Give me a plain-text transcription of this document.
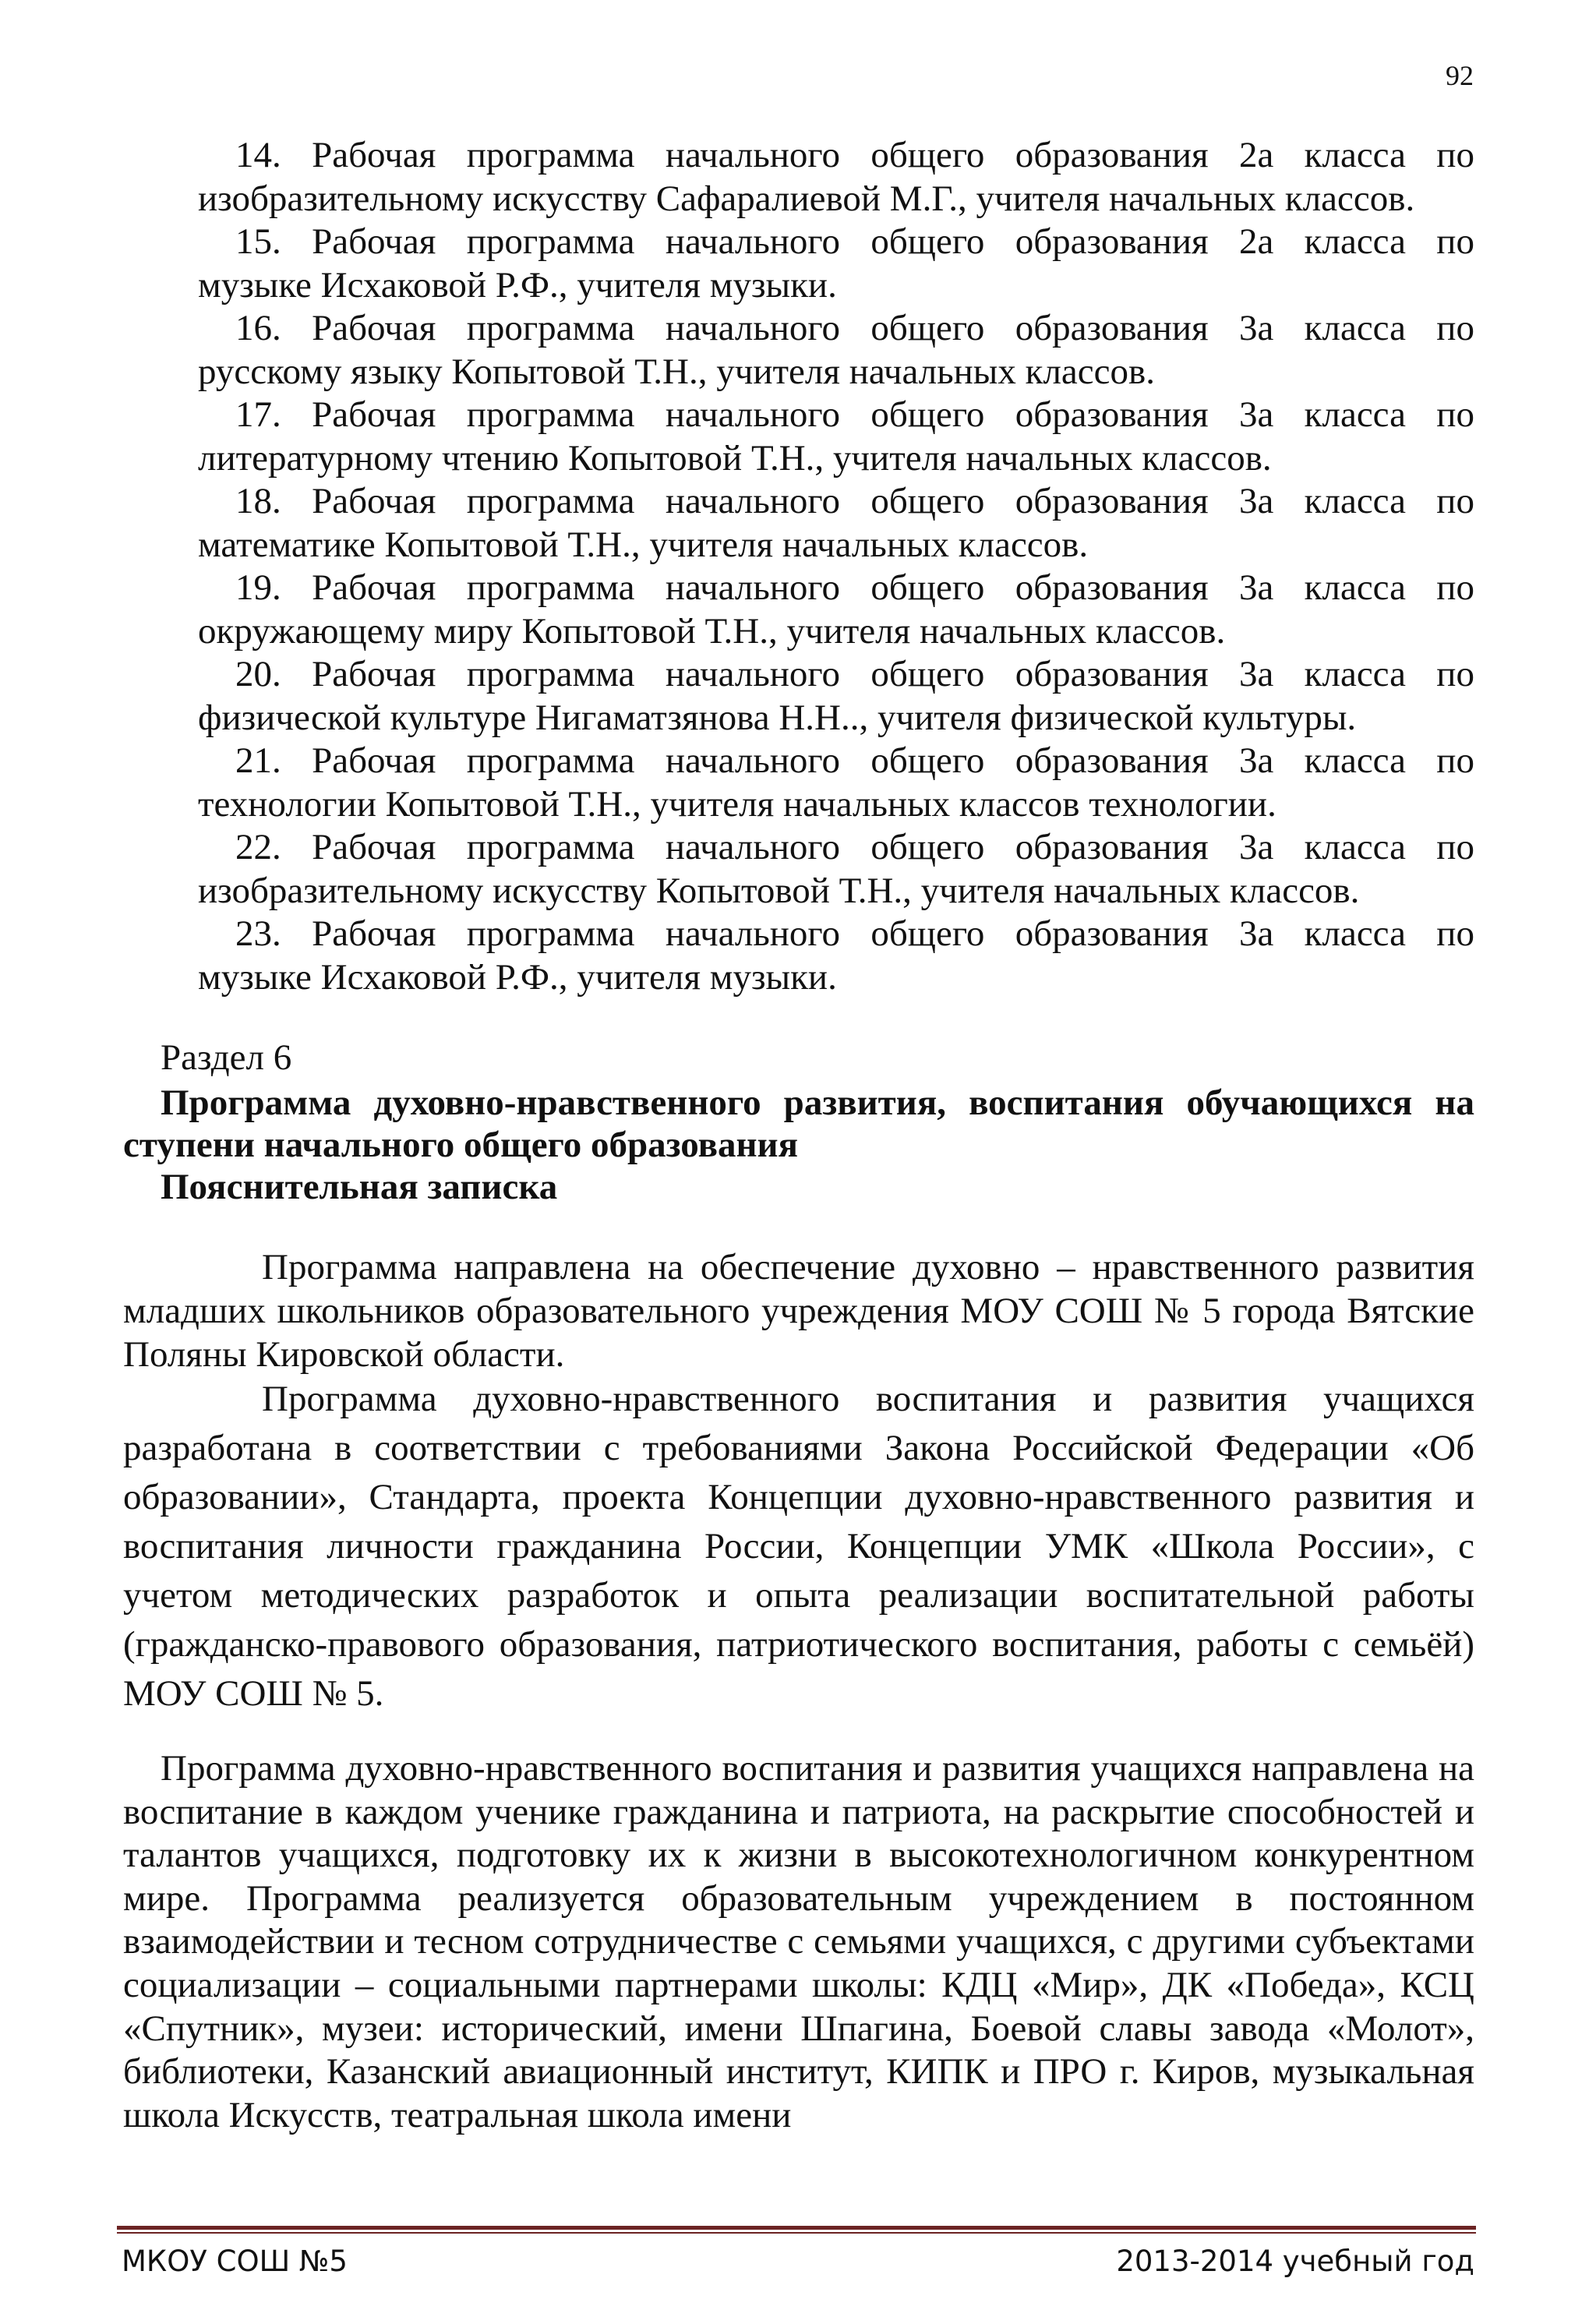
92
14. Рабочая программа начального общего образования 2а класса по
изобразительному искусству Сафаралиевой М.Г., учителя начальных классов.
15. Рабочая программа начального общего образования 2а класса по
музыке Исхаковой Р.Ф., учителя музыки.
16. Рабочая программа начального общего образования 3а класса по
русскому языку Копытовой Т.Н., учителя начальных классов.
17. Рабочая программа начального общего образования 3а класса по
литературному чтению Копытовой Т.Н., учителя начальных классов.
18. Рабочая программа начального общего образования 3а класса по
математике Копытовой Т.Н., учителя начальных классов.
19. Рабочая программа начального общего образования 3а класса по
окружающему миру Копытовой Т.Н., учителя начальных классов.
20. Рабочая программа начального общего образования 3а класса по
физической культуре Нигаматзянова Н.Н.., учителя физической культуры.
21. Рабочая программа начального общего образования 3а класса по
технологии Копытовой Т.Н., учителя начальных классов технологии.
22. Рабочая программа начального общего образования 3а класса по
изобразительному искусству Копытовой Т.Н., учителя начальных классов.
23. Рабочая программа начального общего образования 3а класса по
музыке Исхаковой Р.Ф., учителя музыки.
Раздел 6
Программа духовно-нравственного развития, воспитания обучающихся на ступени начального общего образования
Пояснительная записка
Программа направлена на обеспечение духовно – нравственного развития младших школьников образовательного учреждения МОУ СОШ № 5 города Вятские Поляны Кировской области.
Программа духовно-нравственного воспитания и развития учащихся разработана в соответствии с требованиями Закона Российской Федерации «Об образовании», Стандарта, проекта Концепции духовно-нравственного развития и воспитания личности гражданина России, Концепции УМК «Школа России», с учетом методических разработок и опыта реализации воспитательной работы (гражданско-правового образования, патриотического воспитания, работы с семьёй) МОУ СОШ № 5.
Программа духовно-нравственного воспитания и развития учащихся направлена на воспитание в каждом ученике гражданина и патриота, на раскрытие способностей и талантов учащихся, подготовку их к жизни в высокотехнологичном конкурентном мире. Программа реализуется образовательным учреждением в постоянном взаимодействии и тесном сотрудничестве с семьями учащихся, с другими субъектами социализации – социальными партнерами школы: КДЦ «Мир», ДК «Победа», КСЦ «Спутник», музеи: исторический, имени Шпагина, Боевой славы завода «Молот», библиотеки, Казанский авиационный институт, КИПК и ПРО г. Киров, музыкальная школа Искусств, театральная школа имени
МКОУ СОШ №5	2013-2014 учебный год
